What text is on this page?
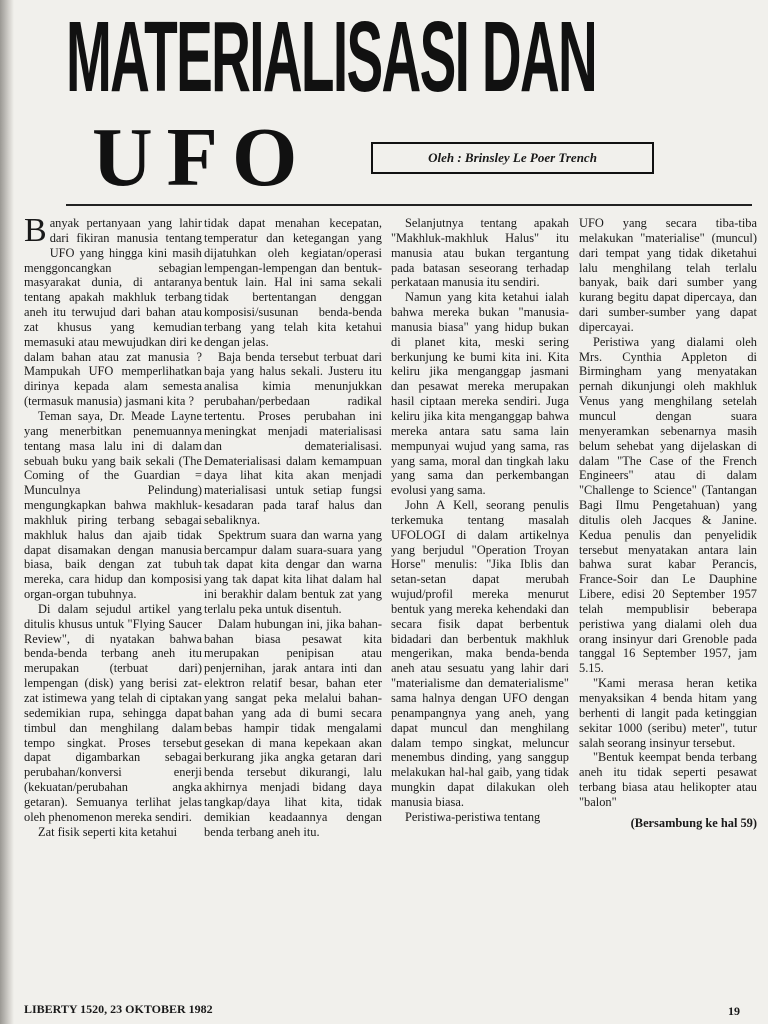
MATERIALISASI DAN
UFO	Oleh : Brinsley Le Poer Trench

Banyak pertanyaan yang lahir dari fikiran manusia tentang UFO yang hingga kini masih menggoncangkan sebagian masyarakat dunia, di antaranya tentang apakah makhluk terbang aneh itu terwujud dari bahan atau zat khusus yang kemudian memasuki atau mewujudkan diri ke dalam bahan atau zat manusia ? Mampukah UFO memperlihatkan dirinya kepada alam semesta (termasuk manusia) jasmani kita ?

Teman saya, Dr. Meade Layne yang menerbitkan penemuannya tentang masa lalu ini di dalam sebuah buku yang baik sekali (The Coming of the Guardian = Munculnya Pelindung) mengungkapkan bahwa makhluk-makhluk piring terbang sebagai makhluk halus dan ajaib tidak dapat disamakan dengan manusia biasa, baik dengan zat tubuh mereka, cara hidup dan komposisi organ-organ tubuhnya.

Di dalam sejudul artikel yang ditulis khusus untuk "Flying Saucer Review", di nyatakan bahwa benda-benda terbang aneh itu merupakan (terbuat dari) lempengan (disk) yang berisi zat-zat istimewa yang telah di ciptakan sedemikian rupa, sehingga dapat timbul dan menghilang dalam tempo singkat. Proses tersebut dapat digambarkan sebagai perubahan/konversi enerji (kekuatan/perubahan angka getaran). Semuanya terlihat jelas oleh phenomenon mereka sendiri.

Zat fisik seperti kita ketahui

tidak dapat menahan kecepatan, temperatur dan ketegangan yang dijatuhkan oleh kegiatan/operasi lempengan-lempengan dan bentuk-bentuk lain. Hal ini sama sekali tidak bertentangan denggan komposisi/susunan benda-benda terbang yang telah kita ketahui dengan jelas.

Baja benda tersebut terbuat dari baja yang halus sekali. Justeru itu analisa kimia menunjukkan perubahan/perbedaan radikal tertentu. Proses perubahan ini meningkat menjadi materialisasi dan dematerialisasi. Dematerialisasi dalam kemampuan daya lihat kita akan menjadi materialisasi untuk setiap fungsi kesadaran pada taraf halus dan sebaliknya.

Spektrum suara dan warna yang bercampur dalam suara-suara yang tak dapat kita dengar dan warna yang tak dapat kita lihat dalam hal ini berakhir dalam bentuk zat yang terlalu peka untuk disentuh.

Dalam hubungan ini, jika bahan-bahan biasa pesawat kita merupakan penipisan atau penjernihan, jarak antara inti dan elektron relatif besar, bahan eter yang sangat peka melalui bahan-bahan yang ada di bumi secara bebas hampir tidak mengalami gesekan di mana kepekaan akan berkurang jika angka getaran dari benda tersebut dikurangi, lalu akhirnya menjadi bidang daya tangkap/daya lihat kita, tidak demikian keadaannya dengan benda terbang aneh itu.

Selanjutnya tentang apakah "Makhluk-makhluk Halus" itu manusia atau bukan tergantung pada batasan seseorang terhadap perkataan manusia itu sendiri.

Namun yang kita ketahui ialah bahwa mereka bukan "manusia-manusia biasa" yang hidup bukan di planet kita, meski sering berkunjung ke bumi kita ini. Kita keliru jika menganggap jasmani dan pesawat mereka merupakan hasil ciptaan mereka sendiri. Juga keliru jika kita menganggap bahwa mereka antara satu sama lain mempunyai wujud yang sama, ras yang sama, moral dan tingkah laku yang sama dan perkembangan evolusi yang sama.

John A Kell, seorang penulis terkemuka tentang masalah UFOLOGI di dalam artikelnya yang berjudul "Operation Troyan Horse" menulis: "Jika Iblis dan setan-setan dapat merubah wujud/profil mereka menurut bentuk yang mereka kehendaki dan secara fisik dapat berbentuk bidadari dan berbentuk makhluk mengerikan, maka benda-benda aneh atau sesuatu yang lahir dari "materialisme dan dematerialisme" sama halnya dengan UFO dengan penampangnya yang aneh, yang dapat muncul dan menghilang dalam tempo singkat, meluncur menembus dinding, yang sanggup melakukan hal-hal gaib, yang tidak mungkin dapat dilakukan oleh manusia biasa.

Peristiwa-peristiwa tentang

UFO yang secara tiba-tiba melakukan "materialise" (muncul) dari tempat yang tidak diketahui lalu menghilang telah terlalu banyak, baik dari sumber yang kurang begitu dapat dipercaya, dan dari sumber-sumber yang dapat dipercayai.

Peristiwa yang dialami oleh Mrs. Cynthia Appleton di Birmingham yang menyatakan pernah dikunjungi oleh makhluk Venus yang menghilang setelah muncul dengan suara menyeramkan sebenarnya masih belum sehebat yang dijelaskan di dalam "The Case of the French Engineers" atau di dalam "Challenge to Science" (Tantangan Bagi Ilmu Pengetahuan) yang ditulis oleh Jacques & Janine. Kedua penulis dan penyelidik tersebut menyatakan antara lain bahwa surat kabar Perancis, France-Soir dan Le Dauphine Libere, edisi 20 September 1957 telah mempublisir beberapa peristiwa yang dialami oleh dua orang insinyur dari Grenoble pada tanggal 16 September 1957, jam 5.15.

"Kami merasa heran ketika menyaksikan 4 benda hitam yang berhenti di langit pada ketinggian sekitar 1000 (seribu) meter", tutur salah seorang insinyur tersebut.

"Bentuk keempat benda terbang aneh itu tidak seperti pesawat terbang biasa atau helikopter atau "balon"

(Bersambung ke hal 59)
LIBERTY 1520, 23 OKTOBER 1982	19
